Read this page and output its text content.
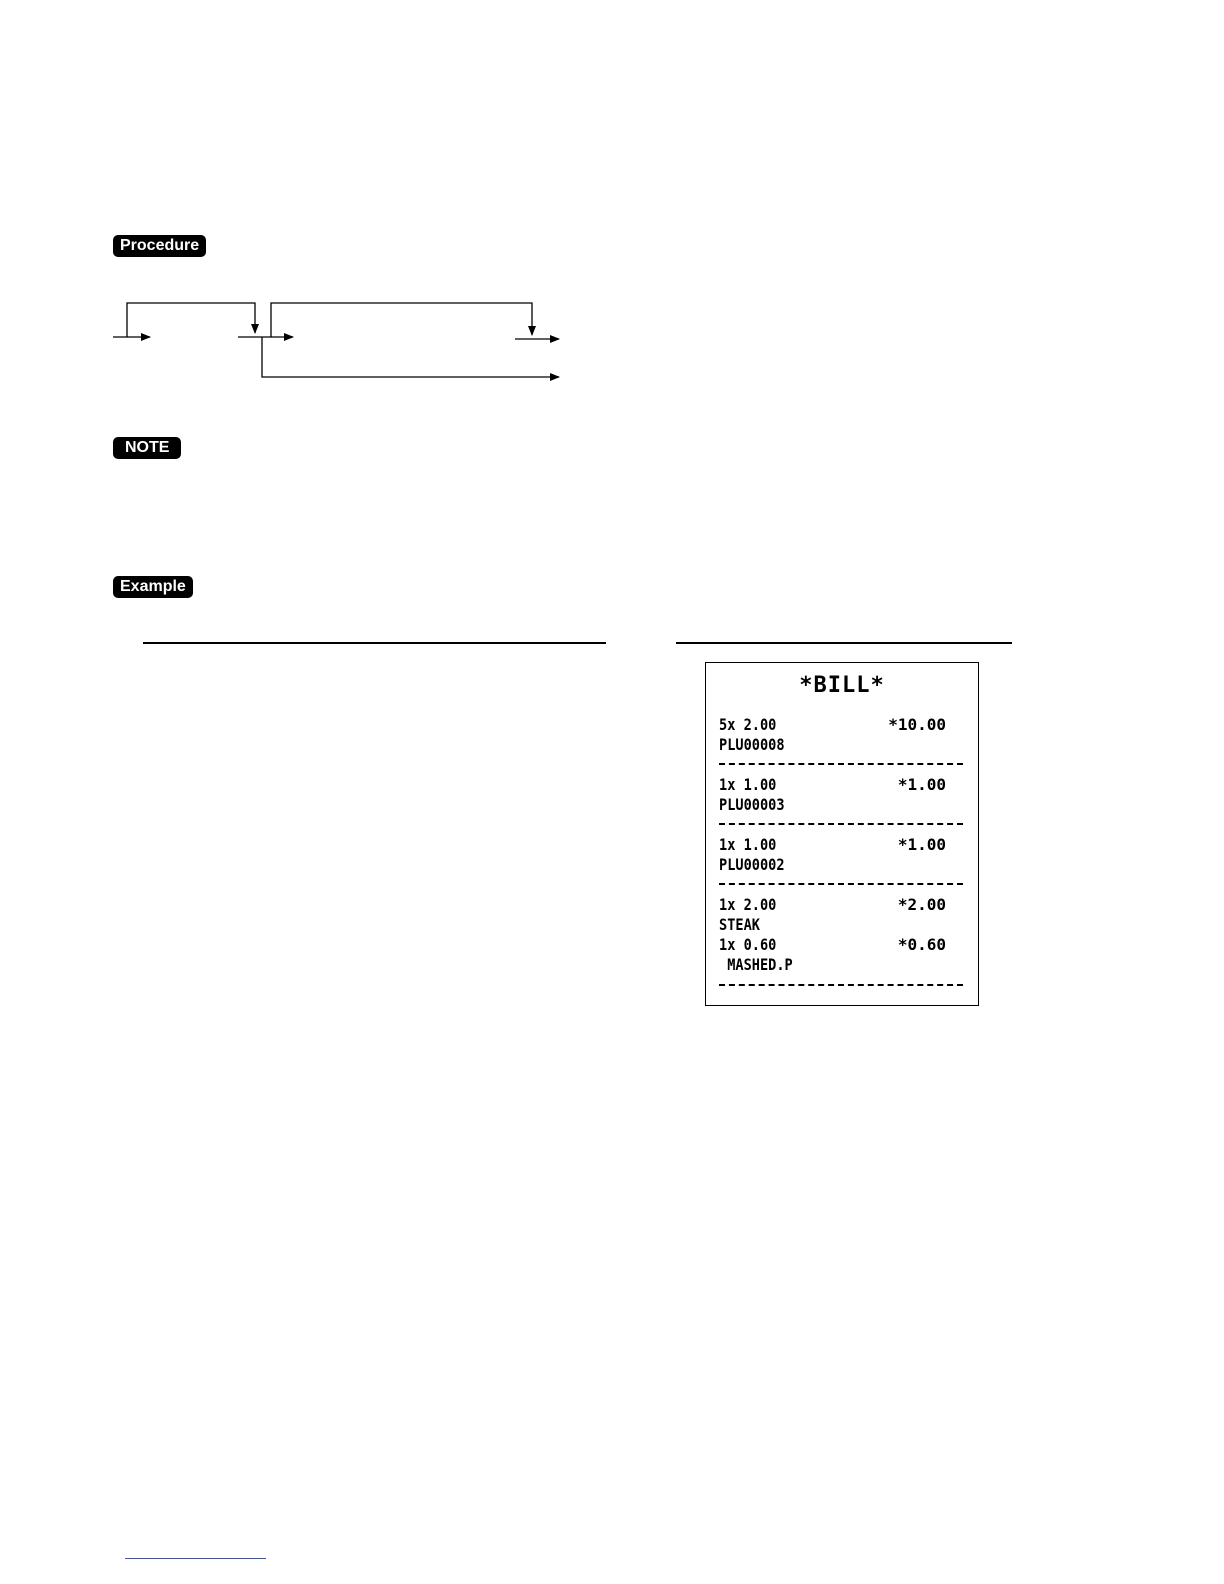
Procedure
NOTE
Example
*BILL*
5x 2.00	*10.00
PLU00008
1x 1.00	*1.00
PLU00003
1x 1.00	*1.00
PLU00002
1x 2.00	*2.00
STEAK
1x 0.60	*0.60
MASHED.P
